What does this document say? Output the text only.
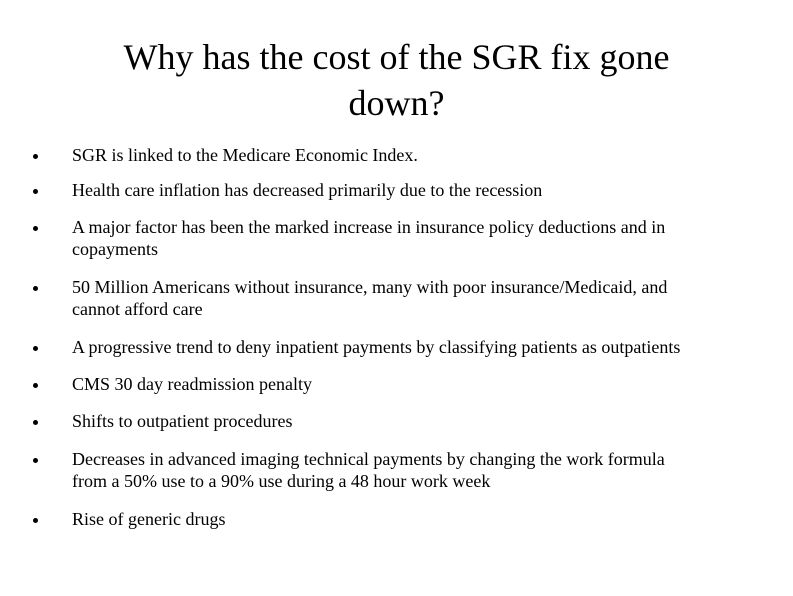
Why has the cost of the SGR fix gone
down?
SGR is linked to the Medicare Economic Index.
Health care inflation has decreased primarily due to the recession
A major factor has been the marked increase in insurance policy deductions and in
copayments
50 Million Americans without insurance, many with poor insurance/Medicaid, and
cannot afford care
A progressive trend to deny inpatient payments by classifying patients as outpatients
CMS 30 day readmission penalty
Shifts to outpatient procedures
Decreases in advanced imaging technical payments by changing the work formula
from a 50% use to a 90% use during a 48 hour work week
Rise of generic drugs
